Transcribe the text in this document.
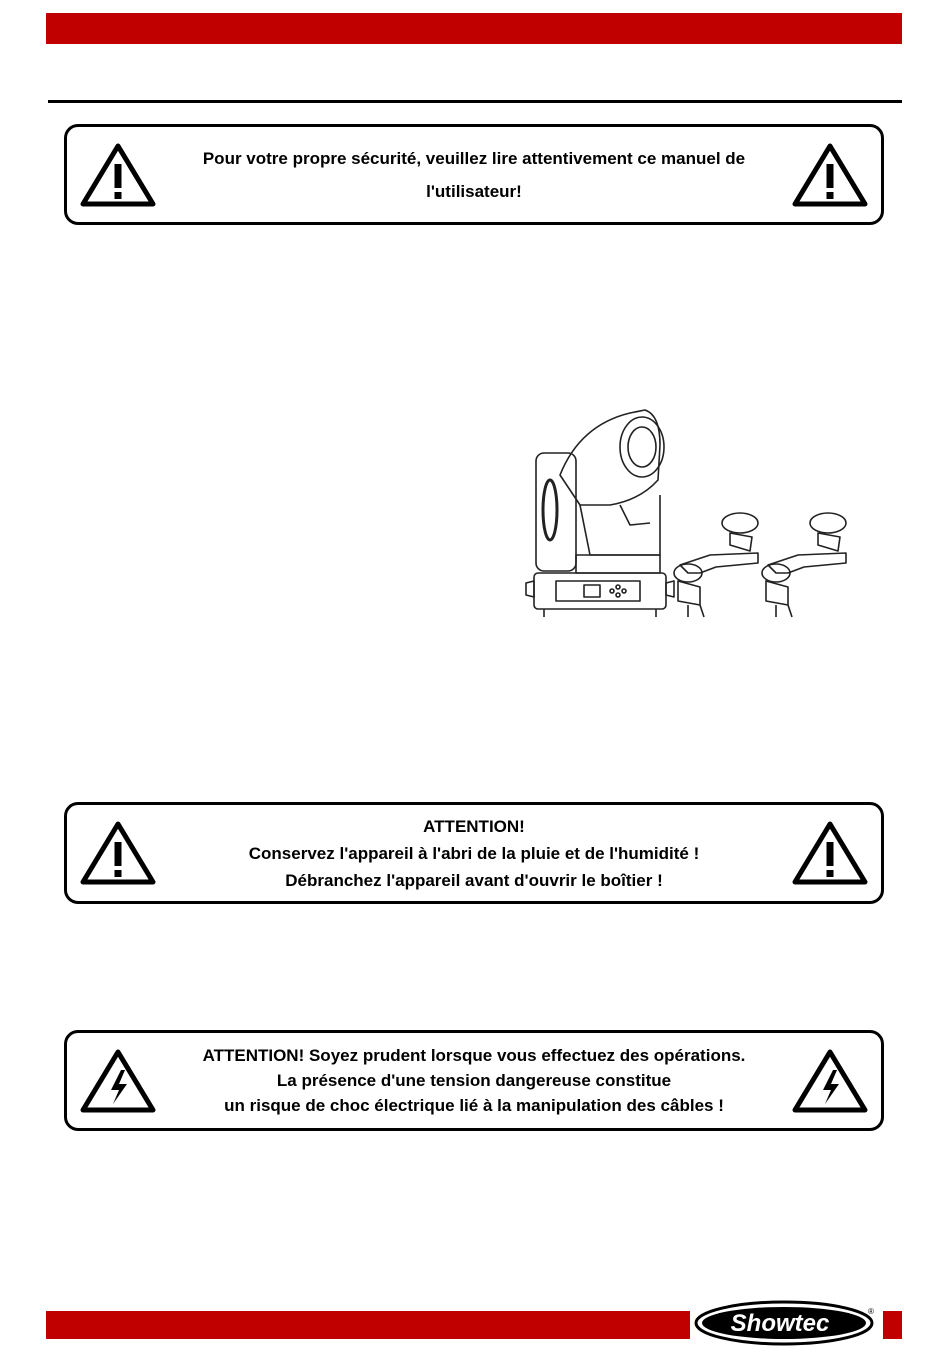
Pour votre propre sécurité, veuillez lire attentivement ce manuel de
l'utilisateur!
ATTENTION!
Conservez l'appareil à l'abri de la pluie et de l'humidité !
Débranchez l'appareil avant d'ouvrir le boîtier !
ATTENTION! Soyez prudent lorsque vous effectuez des opérations.
La présence d'une tension dangereuse constitue
un risque de choc électrique lié à la manipulation des câbles !
Showtec	®
